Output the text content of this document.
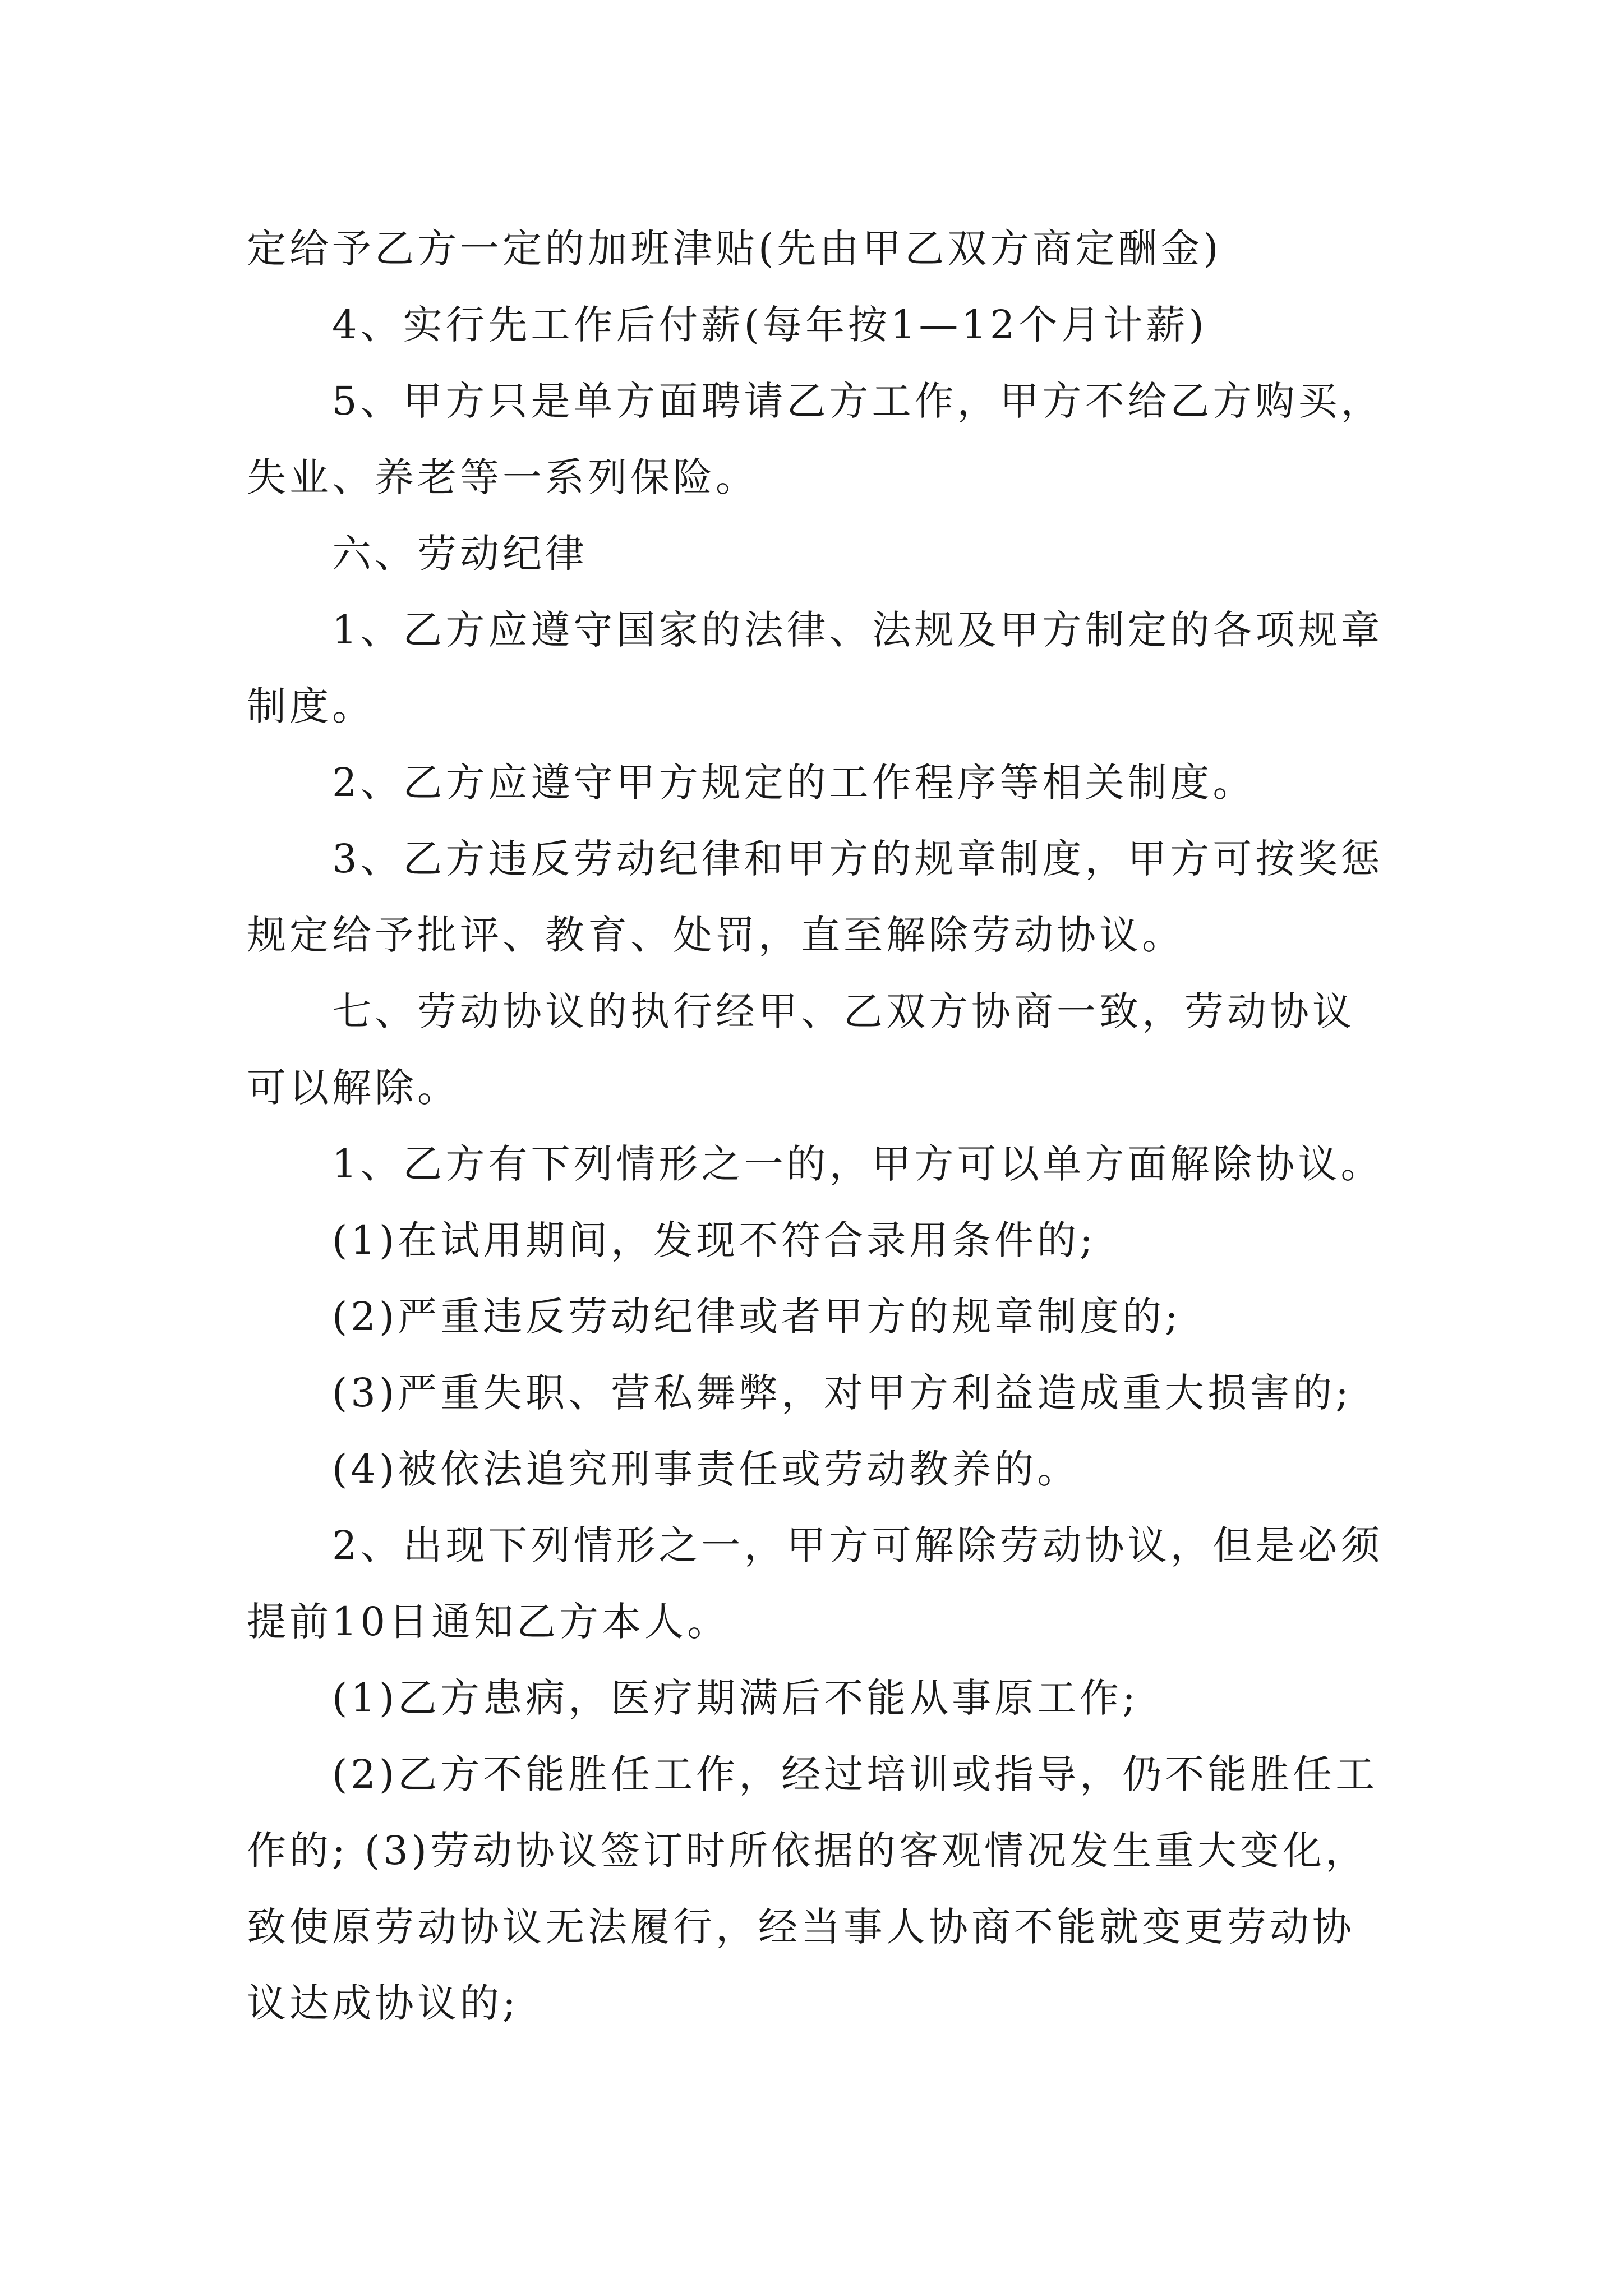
定给予乙方一定的加班津贴(先由甲乙双方商定酬金)

4、实行先工作后付薪(每年按1—12个月计薪)

5、甲方只是单方面聘请乙方工作，甲方不给乙方购买，失业、养老等一系列保险。

六、劳动纪律

1、乙方应遵守国家的法律、法规及甲方制定的各项规章制度。

2、乙方应遵守甲方规定的工作程序等相关制度。

3、乙方违反劳动纪律和甲方的规章制度，甲方可按奖惩规定给予批评、教育、处罚，直至解除劳动协议。

七、劳动协议的执行经甲、乙双方协商一致，劳动协议可以解除。

1、乙方有下列情形之一的，甲方可以单方面解除协议。

(1)在试用期间，发现不符合录用条件的;

(2)严重违反劳动纪律或者甲方的规章制度的;

(3)严重失职、营私舞弊，对甲方利益造成重大损害的;

(4)被依法追究刑事责任或劳动教养的。

2、出现下列情形之一，甲方可解除劳动协议，但是必须提前10日通知乙方本人。

(1)乙方患病，医疗期满后不能从事原工作;

(2)乙方不能胜任工作，经过培训或指导，仍不能胜任工作的; (3)劳动协议签订时所依据的客观情况发生重大变化，致使原劳动协议无法履行，经当事人协商不能就变更劳动协议达成协议的;
